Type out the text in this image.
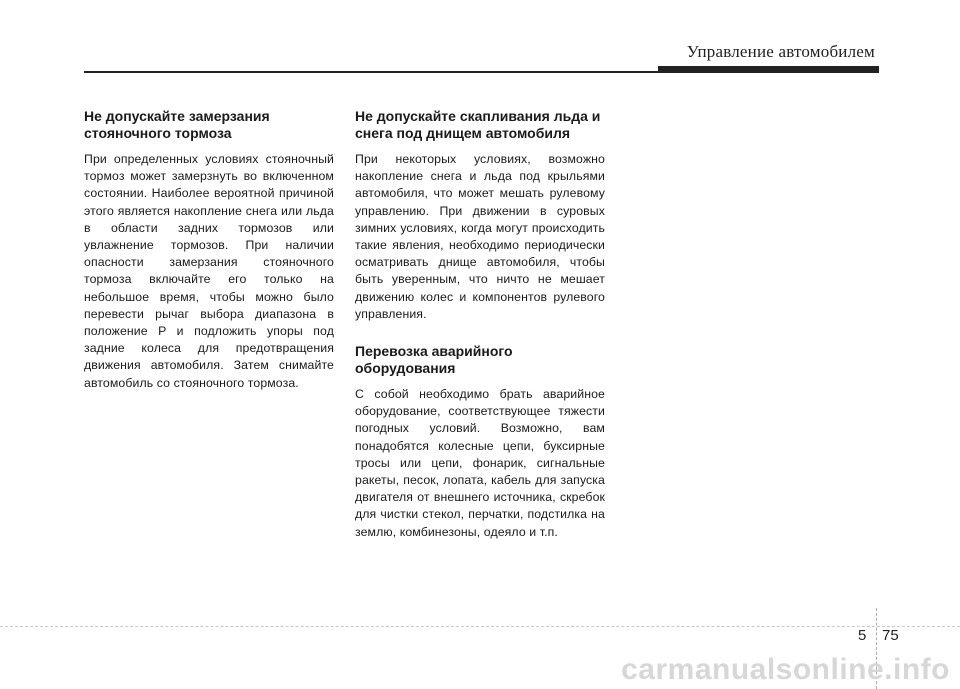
Управление автомобилем
Не допускайте замерзания стояночного тормоза

При определенных условиях стояночный тормоз может замерзнуть во включенном состоянии. Наиболее вероятной причиной этого является накопление снега или льда в области задних тормозов или увлажнение тормозов. При наличии опасности замерзания стояночного тормоза включайте его только на небольшое время, чтобы можно было перевести рычаг выбора диапазона в положение P и подложить упоры под задние колеса для предотвращения движения автомобиля. Затем снимайте автомобиль со стояночного тормоза.

Не допускайте скапливания льда и снега под днищем автомобиля

При некоторых условиях, возможно накопление снега и льда под крыльями автомобиля, что может мешать рулевому управлению. При движении в суровых зимних условиях, когда могут происходить такие явления, необходимо периодически осматривать днище автомобиля, чтобы быть уверенным, что ничто не мешает движению колес и компонентов рулевого управления.

Перевозка аварийного оборудования

С собой необходимо брать аварийное оборудование, соответствующее тяжести погодных условий. Возможно, вам понадобятся колесные цепи, буксирные тросы или цепи, фонарик, сигнальные ракеты, песок, лопата, кабель для запуска двигателя от внешнего источника, скребок для чистки стекол, перчатки, подстилка на землю, комбинезоны, одеяло и т.п.

5 75
carmanualsonline.info
